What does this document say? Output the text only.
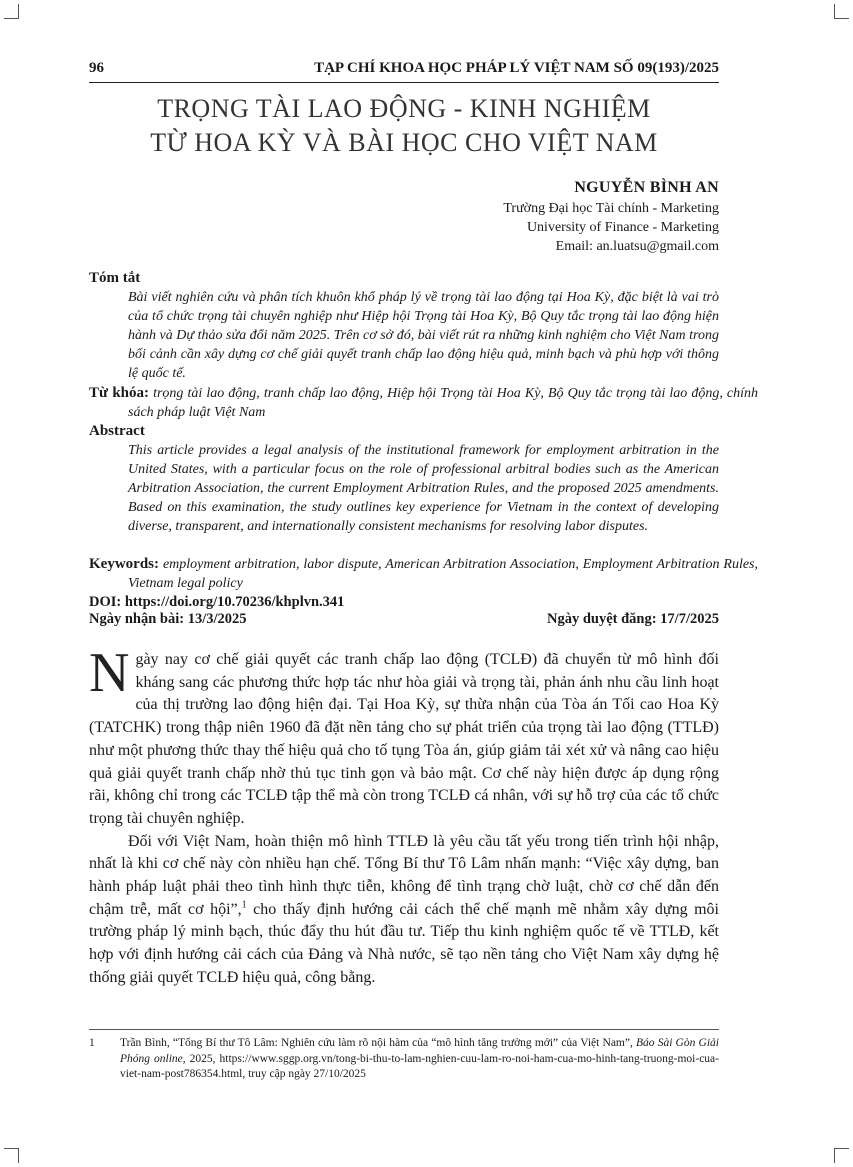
96	TẠP CHÍ KHOA HỌC PHÁP LÝ VIỆT NAM SỐ 09(193)/2025
TRỌNG TÀI LAO ĐỘNG - KINH NGHIỆM
TỪ HOA KỲ VÀ BÀI HỌC CHO VIỆT NAM
NGUYỄN BÌNH AN
Trường Đại học Tài chính - Marketing
University of Finance - Marketing
Email: an.luatsu@gmail.com
Tóm tắt
Bài viết nghiên cứu và phân tích khuôn khổ pháp lý về trọng tài lao động tại Hoa Kỳ, đặc biệt là vai trò của tổ chức trọng tài chuyên nghiệp như Hiệp hội Trọng tài Hoa Kỳ, Bộ Quy tắc trọng tài lao động hiện hành và Dự thảo sửa đổi năm 2025. Trên cơ sở đó, bài viết rút ra những kinh nghiệm cho Việt Nam trong bối cảnh cần xây dựng cơ chế giải quyết tranh chấp lao động hiệu quả, minh bạch và phù hợp với thông lệ quốc tế.
Từ khóa: trọng tài lao động, tranh chấp lao động, Hiệp hội Trọng tài Hoa Kỳ, Bộ Quy tắc trọng tài lao động, chính sách pháp luật Việt Nam
Abstract
This article provides a legal analysis of the institutional framework for employment arbitration in the United States, with a particular focus on the role of professional arbitral bodies such as the American Arbitration Association, the current Employment Arbitration Rules, and the proposed 2025 amendments. Based on this examination, the study outlines key experience for Vietnam in the context of developing diverse, transparent, and internationally consistent mechanisms for resolving labor disputes.
Keywords: employment arbitration, labor dispute, American Arbitration Association, Employment Arbitration Rules, Vietnam legal policy
DOI: https://doi.org/10.70236/khplvn.341
Ngày nhận bài: 13/3/2025	Ngày duyệt đăng: 17/7/2025

Ngày nay cơ chế giải quyết các tranh chấp lao động (TCLĐ) đã chuyển từ mô hình đối kháng sang các phương thức hợp tác như hòa giải và trọng tài, phản ánh nhu cầu linh hoạt của thị trường lao động hiện đại. Tại Hoa Kỳ, sự thừa nhận của Tòa án Tối cao Hoa Kỳ (TATCHK) trong thập niên 1960 đã đặt nền tảng cho sự phát triển của trọng tài lao động (TTLĐ) như một phương thức thay thế hiệu quả cho tố tụng Tòa án, giúp giảm tải xét xử và nâng cao hiệu quả giải quyết tranh chấp nhờ thủ tục tinh gọn và bảo mật. Cơ chế này hiện được áp dụng rộng rãi, không chỉ trong các TCLĐ tập thể mà còn trong TCLĐ cá nhân, với sự hỗ trợ của các tổ chức trọng tài chuyên nghiệp.

Đối với Việt Nam, hoàn thiện mô hình TTLĐ là yêu cầu tất yếu trong tiến trình hội nhập, nhất là khi cơ chế này còn nhiều hạn chế. Tổng Bí thư Tô Lâm nhấn mạnh: “Việc xây dựng, ban hành pháp luật phải theo tình hình thực tiễn, không để tình trạng chờ luật, chờ cơ chế dẫn đến chậm trễ, mất cơ hội”,$^1$ cho thấy định hướng cải cách thể chế mạnh mẽ nhằm xây dựng môi trường pháp lý minh bạch, thúc đẩy thu hút đầu tư. Tiếp thu kinh nghiệm quốc tế về TTLĐ, kết hợp với định hướng cải cách của Đảng và Nhà nước, sẽ tạo nền tảng cho Việt Nam xây dựng hệ thống giải quyết TCLĐ hiệu quả, công bằng.

1	Trần Bình, “Tổng Bí thư Tô Lâm: Nghiên cứu làm rõ nội hàm của “mô hình tăng trưởng mới” của Việt Nam”, Báo Sài Gòn Giải Phóng online, 2025, https://www.sggp.org.vn/tong-bi-thu-to-lam-nghien-cuu-lam-ro-noi-ham-cua-mo-hinh-tang-truong-moi-cua-viet-nam-post786354.html, truy cập ngày 27/10/2025
